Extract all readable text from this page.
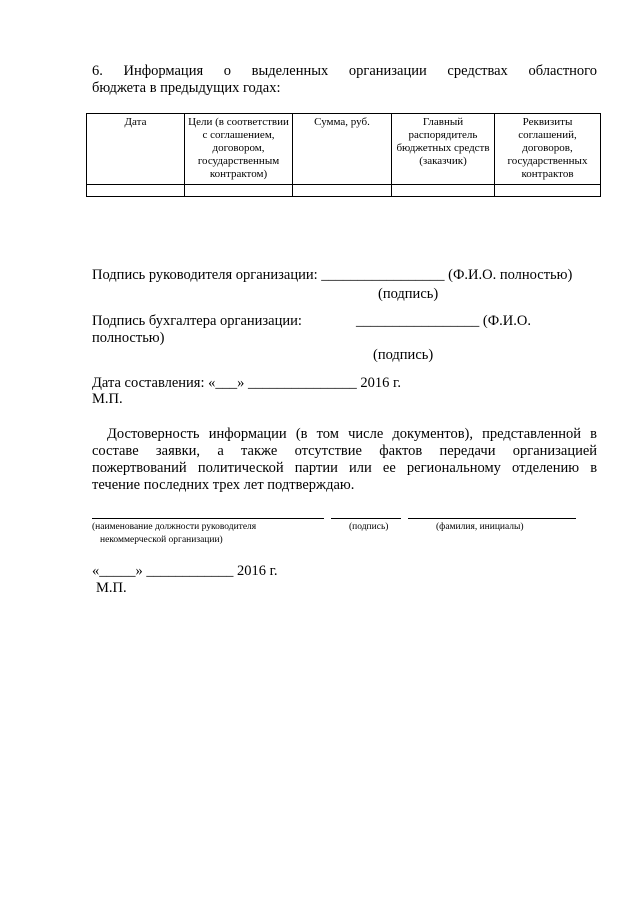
6. Информация о выделенных организации средствах областного
бюджета в предыдущих годах:
Дата	Цели (в соответствии с соглашением, договором, государственным контрактом)	Сумма, руб.	Главный распорядитель бюджетных средств (заказчик)	Реквизиты соглашений, договоров, государственных контрактов

Подпись руководителя организации: _________________ (Ф.И.О. полностью)
(подпись)
Подпись бухгалтера организации:	_________________ (Ф.И.О.
полностью)
(подпись)
Дата составления: «___» _______________ 2016 г.
М.П.
Достоверность информации (в том числе документов), представленной в
составе заявки, а также отсутствие фактов передачи организацией
пожертвований политической партии или ее региональному отделению в
течение последних трех лет подтверждаю.
(наименование должности руководителя
некоммерческой организации)
(подпись)	(фамилия, инициалы)
«_____» ____________ 2016 г.
М.П.
